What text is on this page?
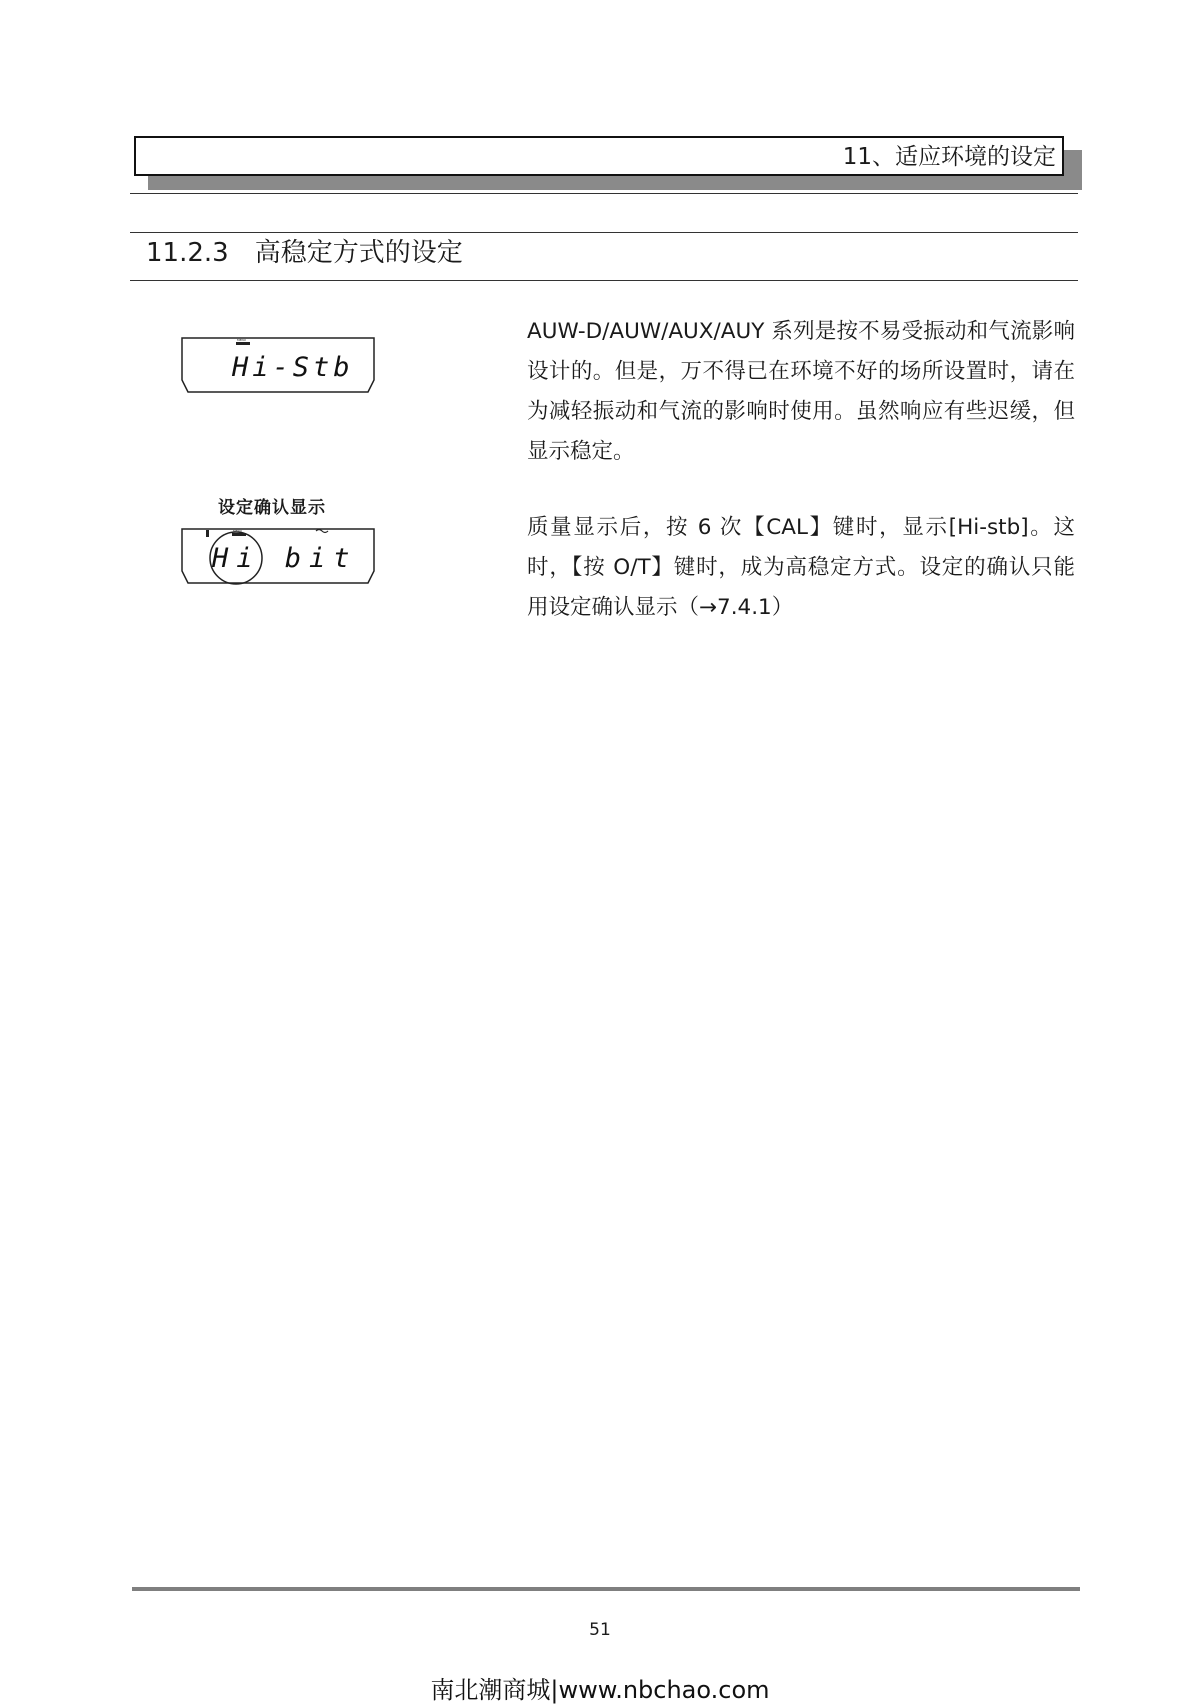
11、适应环境的设定
11.2.3　高稳定方式的设定
MENU
Hi-Stb
设定确认显示
MENU
Hi bit

AUW-D/AUW/AUX/AUY 系列是按不易受振动和气流影响设计的。但是，万不得已在环境不好的场所设置时，请在为减轻振动和气流的影响时使用。虽然响应有些迟缓，但显示稳定。

质量显示后，按 6 次【CAL】键时，显示[Hi-stb]。这时，【按 O/T】键时，成为高稳定方式。设定的确认只能用设定确认显示（→7.4.1）

51
南北潮商城|www.nbchao.com
